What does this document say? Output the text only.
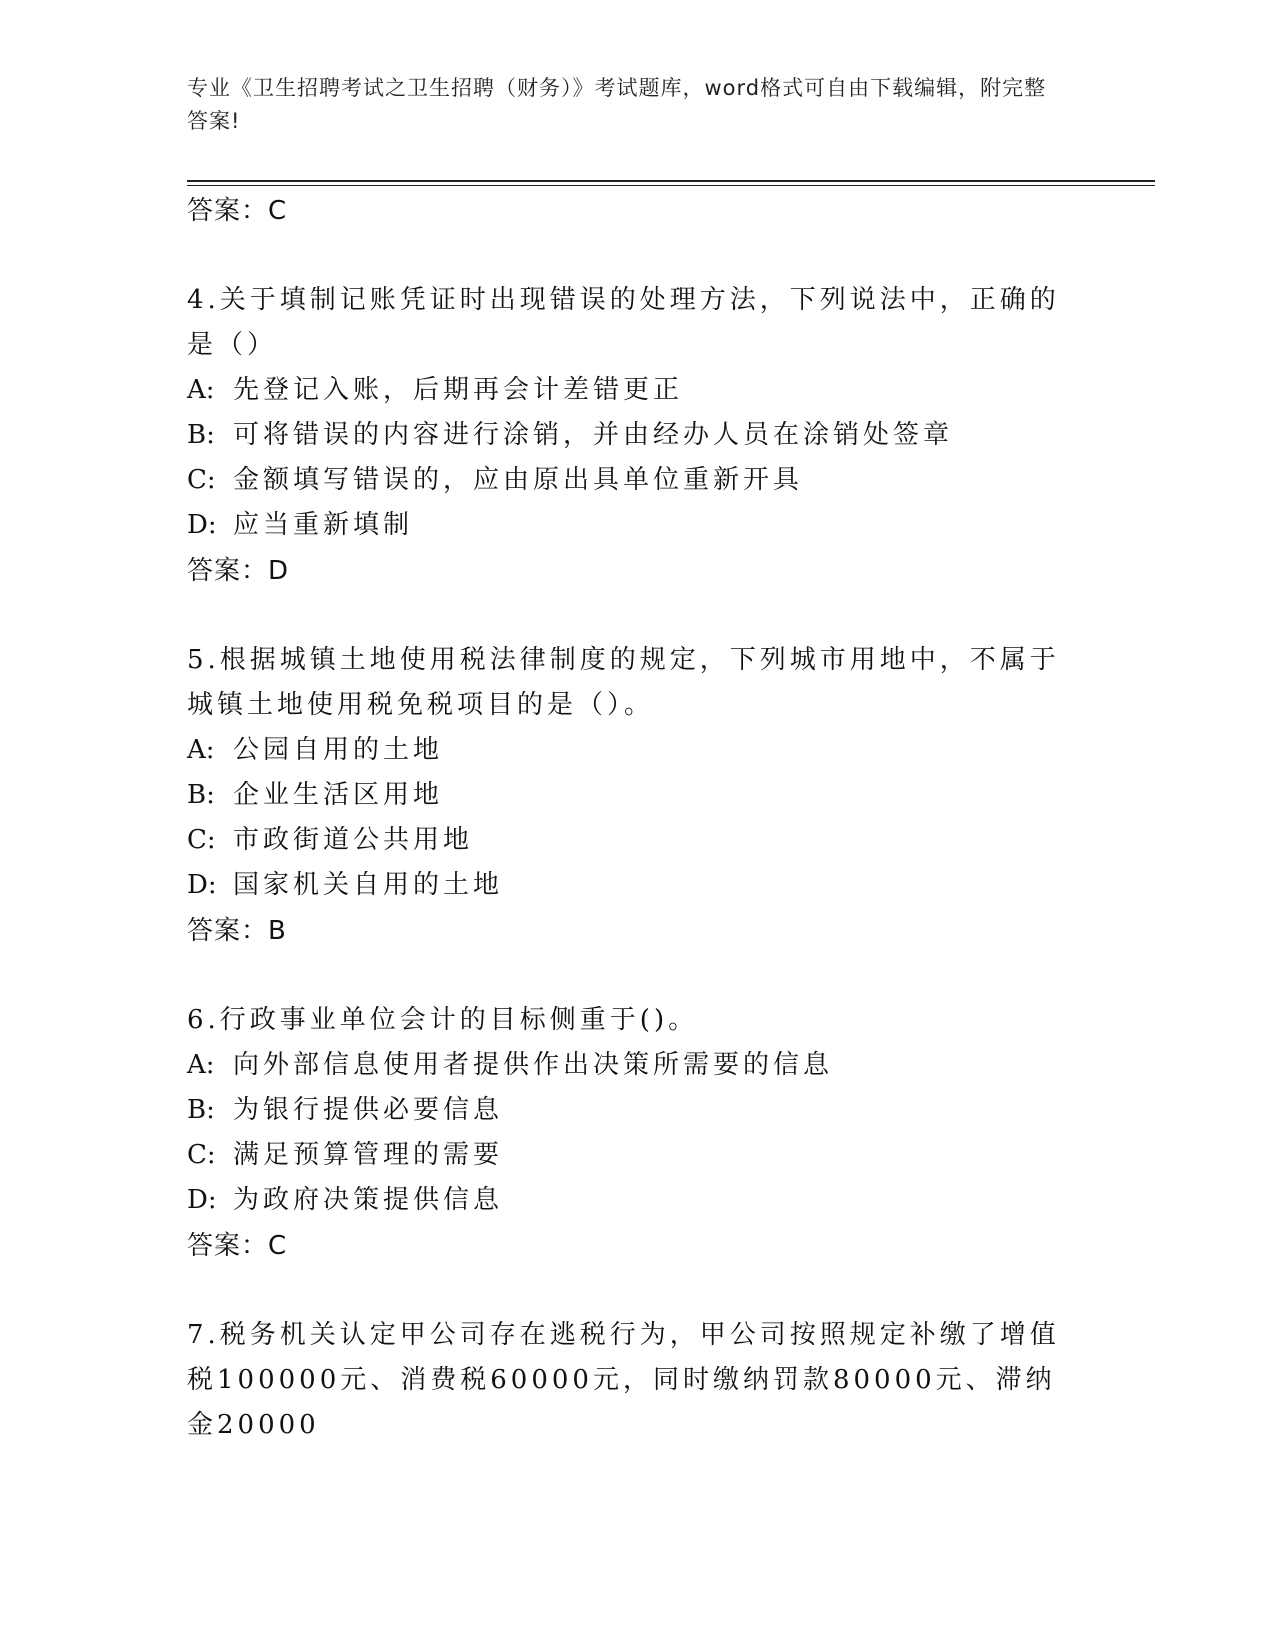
专业《卫生招聘考试之卫生招聘（财务）》考试题库，word格式可自由下载编辑，附完整答案!
答案：C
4.关于填制记账凭证时出现错误的处理方法，下列说法中，正确的是（）
A: 先登记入账，后期再会计差错更正
B: 可将错误的内容进行涂销，并由经办人员在涂销处签章
C: 金额填写错误的，应由原出具单位重新开具
D: 应当重新填制
答案：D
5.根据城镇土地使用税法律制度的规定，下列城市用地中，不属于城镇土地使用税免税项目的是（）。
A: 公园自用的土地
B: 企业生活区用地
C: 市政街道公共用地
D: 国家机关自用的土地
答案：B
6.行政事业单位会计的目标侧重于()。
A: 向外部信息使用者提供作出决策所需要的信息
B: 为银行提供必要信息
C: 满足预算管理的需要
D: 为政府决策提供信息
答案：C
7.税务机关认定甲公司存在逃税行为，甲公司按照规定补缴了增值税100000元、消费税60000元，同时缴纳罚款80000元、滞纳金20000
